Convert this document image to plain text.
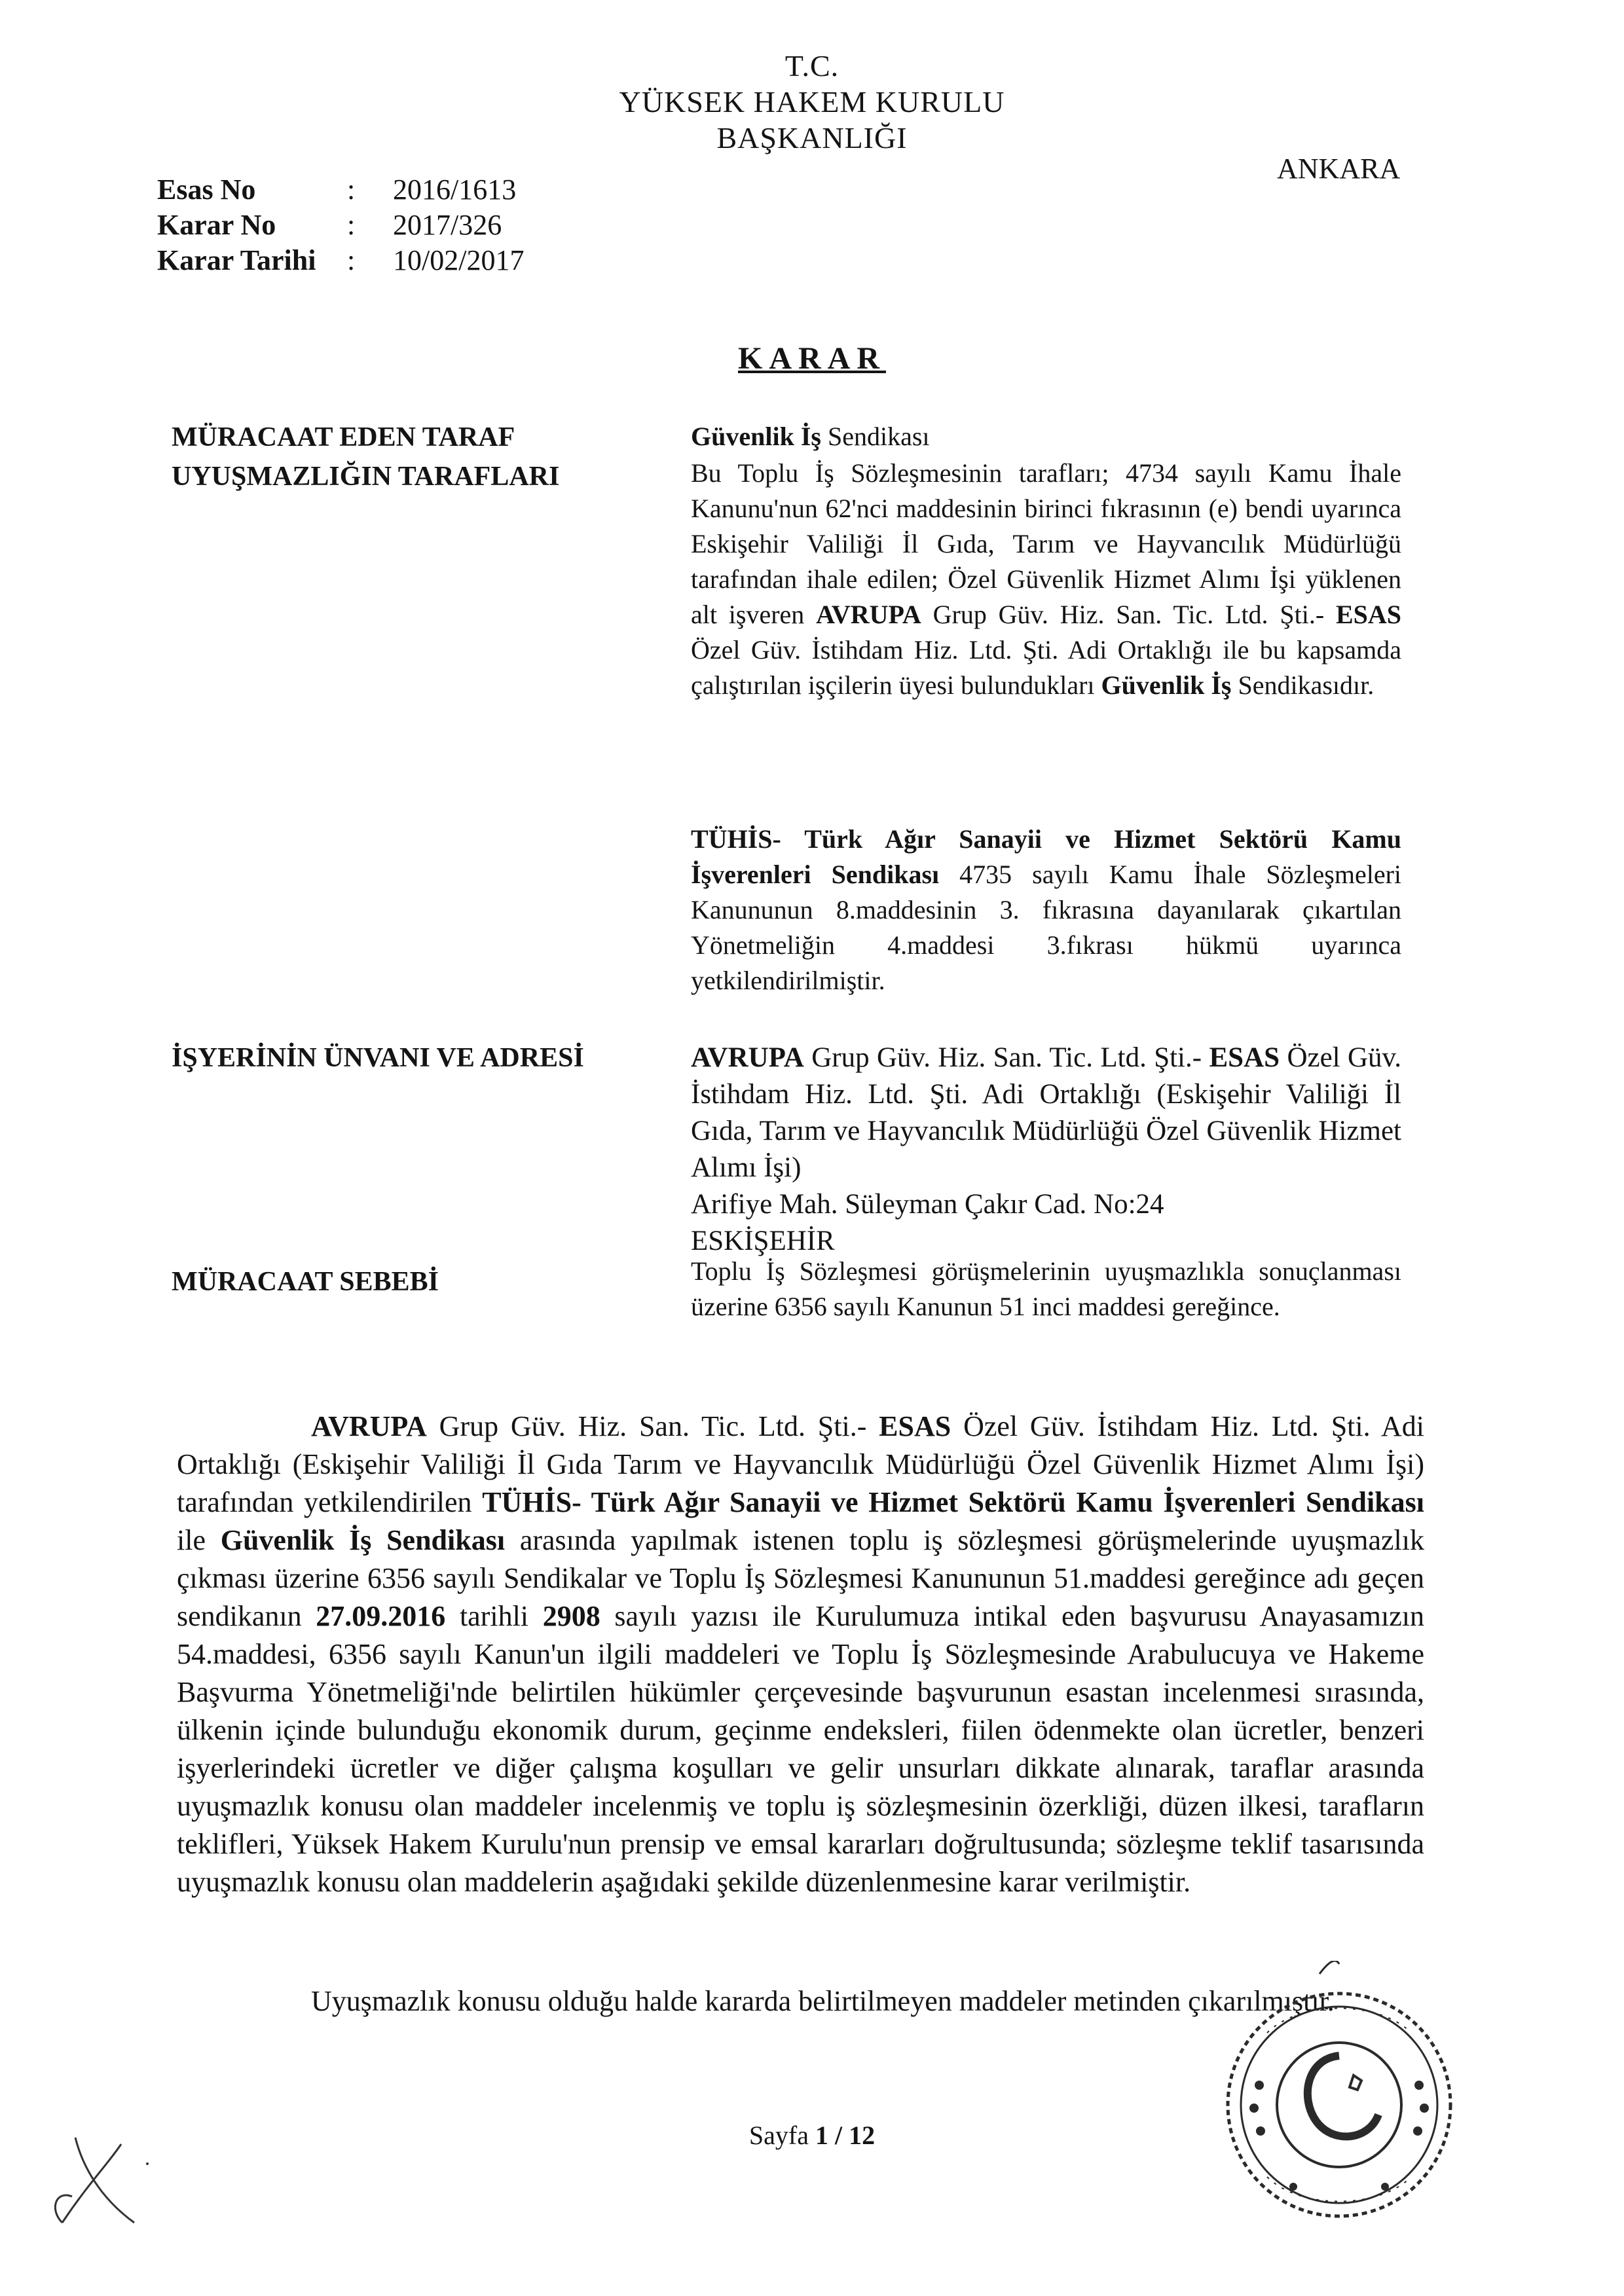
T.C.
YÜKSEK HAKEM KURULU
BAŞKANLIĞI
ANKARA
Esas No	: 2016/1613
Karar No : 2017/326
Karar Tarihi : 10/02/2017
KARAR
MÜRACAAT EDEN TARAF
UYUŞMAZLIĞIN TARAFLARI
İŞYERİNİN ÜNVANI VE ADRESİ
MÜRACAAT SEBEBİ
Güvenlik İş Sendikası
Bu Toplu İş Sözleşmesinin tarafları; 4734 sayılı Kamu İhale Kanunu'nun 62'nci maddesinin birinci fıkrasının (e) bendi uyarınca Eskişehir Valiliği İl Gıda, Tarım ve Hayvancılık Müdürlüğü tarafından ihale edilen; Özel Güvenlik Hizmet Alımı İşi yüklenen alt işveren AVRUPA Grup Güv. Hiz. San. Tic. Ltd. Şti.- ESAS Özel Güv. İstihdam Hiz. Ltd. Şti. Adi Ortaklığı ile bu kapsamda çalıştırılan işçilerin üyesi bulundukları Güvenlik İş Sendikasıdır.
TÜHİS- Türk Ağır Sanayii ve Hizmet Sektörü Kamu İşverenleri Sendikası 4735 sayılı Kamu İhale Sözleşmeleri Kanununun 8.maddesinin 3. fıkrasına dayanılarak çıkartılan Yönetmeliğin 4.maddesi 3.fıkrası hükmü uyarınca yetkilendirilmiştir.
AVRUPA Grup Güv. Hiz. San. Tic. Ltd. Şti.- ESAS Özel Güv. İstihdam Hiz. Ltd. Şti. Adi Ortaklığı (Eskişehir Valiliği İl Gıda, Tarım ve Hayvancılık Müdürlüğü Özel Güvenlik Hizmet Alımı İşi)
Arifiye Mah. Süleyman Çakır Cad. No:24
ESKİŞEHİR
Toplu İş Sözleşmesi görüşmelerinin uyuşmazlıkla sonuçlanması üzerine 6356 sayılı Kanunun 51 inci maddesi gereğince.
AVRUPA Grup Güv. Hiz. San. Tic. Ltd. Şti.- ESAS Özel Güv. İstihdam Hiz. Ltd. Şti. Adi Ortaklığı (Eskişehir Valiliği İl Gıda Tarım ve Hayvancılık Müdürlüğü Özel Güvenlik Hizmet Alımı İşi) tarafından yetkilendirilen TÜHİS- Türk Ağır Sanayii ve Hizmet Sektörü Kamu İşverenleri Sendikası ile Güvenlik İş Sendikası arasında yapılmak istenen toplu iş sözleşmesi görüşmelerinde uyuşmazlık çıkması üzerine 6356 sayılı Sendikalar ve Toplu İş Sözleşmesi Kanununun 51.maddesi gereğince adı geçen sendikanın 27.09.2016 tarihli 2908 sayılı yazısı ile Kurulumuza intikal eden başvurusu Anayasamızın 54.maddesi, 6356 sayılı Kanun'un ilgili maddeleri ve Toplu İş Sözleşmesinde Arabulucuya ve Hakeme Başvurma Yönetmeliği'nde belirtilen hükümler çerçevesinde başvurunun esastan incelenmesi sırasında, ülkenin içinde bulunduğu ekonomik durum, geçinme endeksleri, fiilen ödenmekte olan ücretler, benzeri işyerlerindeki ücretler ve diğer çalışma koşulları ve gelir unsurları dikkate alınarak, taraflar arasında uyuşmazlık konusu olan maddeler incelenmiş ve toplu iş sözleşmesinin özerkliği, düzen ilkesi, tarafların teklifleri, Yüksek Hakem Kurulu'nun prensip ve emsal kararları doğrultusunda; sözleşme teklif tasarısında uyuşmazlık konusu olan maddelerin aşağıdaki şekilde düzenlenmesine karar verilmiştir.
Uyuşmazlık konusu olduğu halde kararda belirtilmeyen maddeler metinden çıkarılmıştır.
Sayfa 1 / 12
